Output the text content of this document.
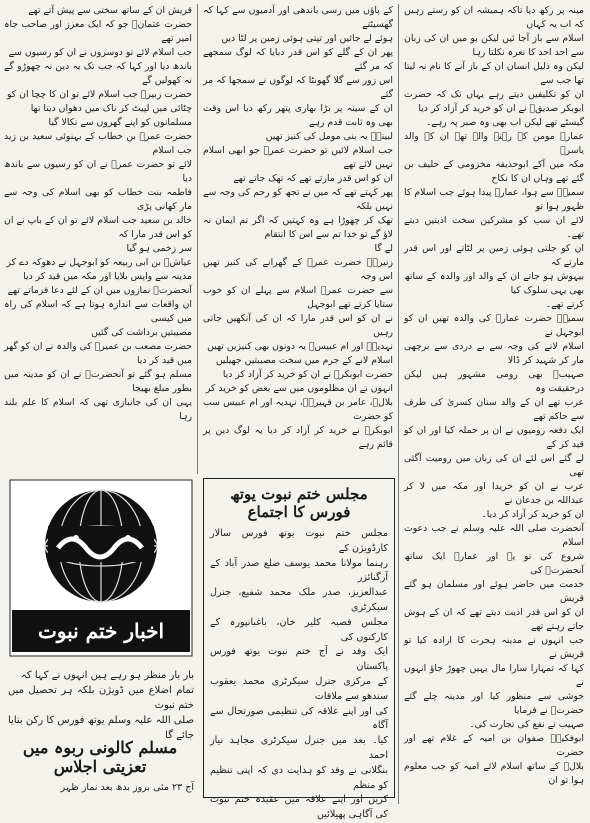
مینہ پر رکھ دیا تاکہ ہمیشہ ان کو رستے رہیں کہ اب یہ کہاں

اسلام سے باز آجا ئیں لیکن یو میں ان کی زبان سے احد احد کا نعرہ نکلتا رہا

لیکن وہ ذلیل انسان ان کے باز آنے کا نام نہ لیتا تھا جب سے

ان کو تکلیفیں دیتے رہے یہاں تک کہ حضرت ابوبکر صدیقؓ نے ان کو خرید کر آزاد کر دیا

گیسٹے تھے لیکن اب بھی وہ صبر پہ رہے۔

عمارؓ مومن کے رہنے والے تھے ان کے والد یاسرؓ

مکہ میں آکے ابوحذیفہ مخزومی کے حلیف بن گئے تھے وہاں ان کا نکاح

سمیہؓ سے ہوا، عمارؓ پیدا ہوئے جب اسلام کا ظہور ہوا تو

لائے ان سب کو مشرکین سخت اذیتیں دیتے تھے۔

ان کو جلتی ہوئی زمین پر لٹاتے اور اس قدر مارتے کہ

بیہوش ہو جاتے ان کے والد اور والدہ کے ساتھ بھی یہی سلوک کیا

کرتے تھے۔

سمیہؓ حضرت عمارؓ کی والدہ تھیں ان کو ابوجہل نے

اسلام لانے کی وجہ سے بے دردی سے برچھی مار کر شہید کر ڈالا

صہیبؓ بھی رومی مشہور ہیں لیکن درحقیقت وہ

عرب تھے ان کے والد سنان کسریٰ کی طرف سے حاکم تھے

ایک دفعہ رومیوں نے ان پر حملہ کیا اور ان کو قید کر کے

لے گئے اس لئے ان کی زبان میں رومیت آگئی تھی

عرب نے ان کو خریدا اور مکہ میں لا کر عبداللہ بن جدعان نے

ان کو خرید کر آزاد کر دیا۔

آنحضرت صلی اللہ علیہ وسلم نے جب دعوت اسلام

شروع کی تو یہ اور عمارؓ ایک ساتھ آنحضرتؐ کی

خدمت میں حاضر ہوئے اور مسلمان ہو گئے قریش

ان کو اس قدر اذیت دیتے تھے کہ ان کے ہوش جاتے رہتے تھے

جب انہوں نے مدینہ ہجرت کا ارادہ کیا تو قریش نے

کہا کہ تمہارا سارا مال یہیں چھوڑ جاؤ انہوں نے

خوشی سے منظور کیا اور مدینہ چلے گئے حضرتؐ نے فرمایا

صہیب نے نفع کی تجارت کی۔

ابوفکیہؓ صفوان بن امیہ کے غلام تھے اور حضرت

بلالؓ کے ساتھ اسلام لائے امیہ کو جب معلوم ہوا تو ان

کے پاؤں میں رسی باندھی اور آدمیوں سے کہا کہ گھسیٹتے

ہوئے لے جائیں اور تپتی ہوئی زمین پر لٹا دیں

پھر ان کے گلے کو اس قدر دبایا کہ لوگ سمجھے کہ مر گئے

اس زور سے گلا گھونٹا کہ لوگوں نے سمجھا کہ مر گئے

ان کے سینہ پر بڑا بھاری پتھر رکھ دیا اس وقت بھی وہ ثابت قدم رہے

لبینہؓ یہ بنی مومل کی کنیز تھیں

جب اسلام لائیں تو حضرت عمرؓ جو ابھی اسلام نہیں لائے تھے

ان کو اس قدر مارتے تھے کہ تھک جاتے تھے

پھر کہتے تھے کہ میں نے تجھ کو رحم کی وجہ سے نہیں بلکہ

تھک کر چھوڑا ہے وہ کہتیں کہ اگر تم ایمان نہ لاؤ گے تو خدا تم سے اس کا انتقام

لے گا

زنیرہؓ حضرت عمرؓ کے گھرانے کی کنیز تھیں اس وجہ

سے حضرت عمرؓ اسلام سے پہلے ان کو خوب ستایا کرتے تھے ابوجہل

نے ان کو اس قدر مارا کہ ان کی آنکھیں جاتی رہیں

نہدیہؓ اور ام عبیسؓ یہ دونوں بھی کنیزیں تھیں

اسلام لانے کے جرم میں سخت مصیبتیں جھیلیں

حضرت ابوبکرؓ نے ان کو خرید کر آزاد کر دیا

انہوں نے ان مظلوموں میں سے بعض کو خرید کر

بلالؓ، عامر بن فہیرہؓ، نہدیہ اور ام عبیس سب کو حضرت

ابوبکرؓ نے خرید کر آزاد کر دیا یہ لوگ دین پر قائم رہے

قریش ان کے ساتھ سختی سے پیش آتے تھے

حضرت عثمانؓ جو کہ ایک معزز اور صاحب جاہ امیر تھے

جب اسلام لائے تو دوسروں نے ان کو رسیوں سے

باندھ دیا اور کہا کہ جب تک یہ دین نہ چھوڑو گے نہ کھولیں گے

حضرت زبیرؓ جب اسلام لائے تو ان کا چچا ان کو

چٹائی میں لپیٹ کر ناک میں دھواں دیتا تھا

مسلمانوں کو اپنے گھروں سے نکالا گیا

حضرت عمرؓ بن خطاب کے بہنوئی سعید بن زید جب اسلام

لائے تو حضرت عمرؓ نے ان کو رسیوں سے باندھ دیا

فاطمہ بنت خطاب کو بھی اسلام کی وجہ سے مار کھانی پڑی

خالد بن سعید جب اسلام لائے تو ان کے باپ نے ان کو اس قدر مارا کہ

سر زخمی ہو گیا

عیاشؓ بن ابی ربیعہ کو ابوجہل نے دھوکہ دے کر

مدینہ سے واپس بلایا اور مکہ میں قید کر دیا

آنحضرتؐ نمازوں میں ان کے لئے دعا فرماتے تھے

ان واقعات سے اندازہ ہوتا ہے کہ اسلام کی راہ میں کیسی

مصیبتیں برداشت کی گئیں

حضرت مصعب بن عمیرؓ کی والدہ نے ان کو گھر میں قید کر دیا

مسلم ہو گئے تو آنحضرتؐ نے ان کو مدینہ میں بطور مبلغ بھیجا

یہی ان کی جانبازی تھی کہ اسلام کا علم بلند رہا

مجلس ختم نبوت یوتھ فورس کا اجتماع

مجلس ختم نبوت یوتھ فورس سالار کارڈویژن کے

رہنما مولانا محمد یوسف ضلع صدر آباد کے آرگنائزر

عبدالعزیز، صدر ملک محمد شفیع، جنرل سیکرٹری

مجلس قصبہ کلیر خان، باغبانپورہ کے کارکنوں کی

ایک وفد نے آج ختم نبوت یوتھ فورس پاکستان

کے مرکزی جنرل سیکرٹری محمد یعقوب سندھو سے ملاقات

کی اور اپنے علاقہ کی تنظیمی صورتحال سے آگاہ

کیا۔ بعد میں جنرل سیکرٹری مجاہد نیاز احمد

بنگلانی نے وفد کو ہدایت دی کہ اپنی تنظیم کو منظم

کریں اور اپنے علاقہ میں عقیدہ ختم نبوت کی آگاہی پھیلائیں

اخبار ختم نبوت

بار بار منظر ہو رہے ہیں انہوں نے کہا کہ

تمام اضلاع میں ڈویژن بلکہ ہر تحصیل میں ختم نبوت

صلی اللہ علیہ وسلم یوتھ فورس کا رکن بنایا جائے گا

مسلم کالونی ربوہ میں تعزیتی اجلاس
آج ۲۳ مئی بروز بدھ بعد نماز ظہر
